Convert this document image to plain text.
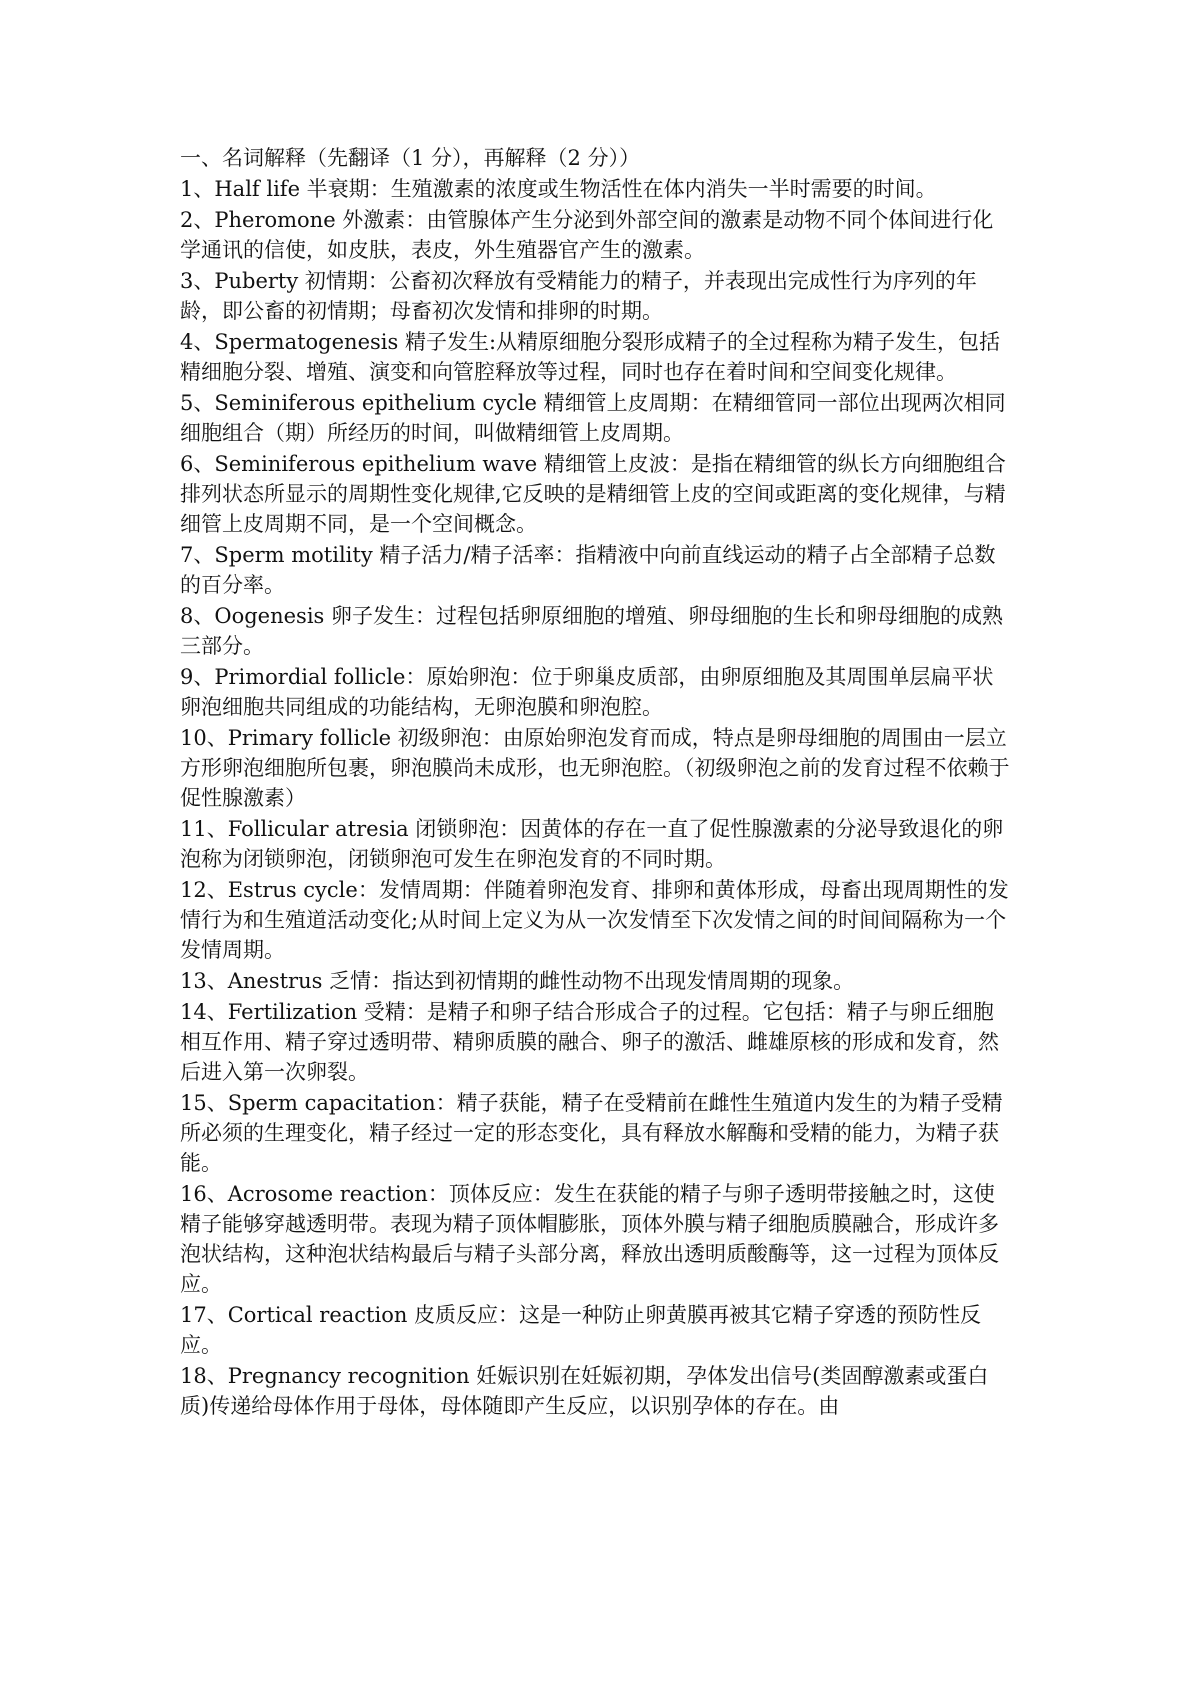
一、名词解释（先翻译（1 分），再解释（2 分））
1、Half life 半衰期：生殖激素的浓度或生物活性在体内消失一半时需要的时间。
2、Pheromone 外激素：由管腺体产生分泌到外部空间的激素是动物不同个体间进行化学通讯的信使，如皮肤，表皮，外生殖器官产生的激素。
3、Puberty 初情期：公畜初次释放有受精能力的精子，并表现出完成性行为序列的年龄，即公畜的初情期；母畜初次发情和排卵的时期。
4、Spermatogenesis 精子发生:从精原细胞分裂形成精子的全过程称为精子发生，包括精细胞分裂、增殖、演变和向管腔释放等过程，同时也存在着时间和空间变化规律。
5、Seminiferous epithelium cycle 精细管上皮周期：在精细管同一部位出现两次相同细胞组合（期）所经历的时间，叫做精细管上皮周期。
6、Seminiferous epithelium wave 精细管上皮波：是指在精细管的纵长方向细胞组合排列状态所显示的周期性变化规律,它反映的是精细管上皮的空间或距离的变化规律，与精细管上皮周期不同，是一个空间概念。
7、Sperm motility 精子活力/精子活率：指精液中向前直线运动的精子占全部精子总数的百分率。
8、Oogenesis 卵子发生：过程包括卵原细胞的增殖、卵母细胞的生长和卵母细胞的成熟三部分。
9、Primordial follicle：原始卵泡：位于卵巢皮质部，由卵原细胞及其周围单层扁平状卵泡细胞共同组成的功能结构，无卵泡膜和卵泡腔。
10、Primary follicle 初级卵泡：由原始卵泡发育而成，特点是卵母细胞的周围由一层立方形卵泡细胞所包裹，卵泡膜尚未成形，也无卵泡腔。（初级卵泡之前的发育过程不依赖于促性腺激素）
11、Follicular atresia 闭锁卵泡：因黄体的存在一直了促性腺激素的分泌导致退化的卵泡称为闭锁卵泡，闭锁卵泡可发生在卵泡发育的不同时期。
12、Estrus cycle：发情周期：伴随着卵泡发育、排卵和黄体形成，母畜出现周期性的发情行为和生殖道活动变化;从时间上定义为从一次发情至下次发情之间的时间间隔称为一个发情周期。
13、Anestrus 乏情：指达到初情期的雌性动物不出现发情周期的现象。
14、Fertilization 受精：是精子和卵子结合形成合子的过程。它包括：精子与卵丘细胞相互作用、精子穿过透明带、精卵质膜的融合、卵子的激活、雌雄原核的形成和发育，然后进入第一次卵裂。
15、Sperm capacitation：精子获能，精子在受精前在雌性生殖道内发生的为精子受精所必须的生理变化，精子经过一定的形态变化，具有释放水解酶和受精的能力，为精子获能。
16、Acrosome reaction：顶体反应：发生在获能的精子与卵子透明带接触之时，这使精子能够穿越透明带。表现为精子顶体帽膨胀，顶体外膜与精子细胞质膜融合，形成许多泡状结构，这种泡状结构最后与精子头部分离，释放出透明质酸酶等，这一过程为顶体反应。
17、Cortical reaction 皮质反应：这是一种防止卵黄膜再被其它精子穿透的预防性反应。
18、Pregnancy recognition 妊娠识别在妊娠初期，孕体发出信号(类固醇激素或蛋白质)传递给母体作用于母体，母体随即产生反应，以识别孕体的存在。由
